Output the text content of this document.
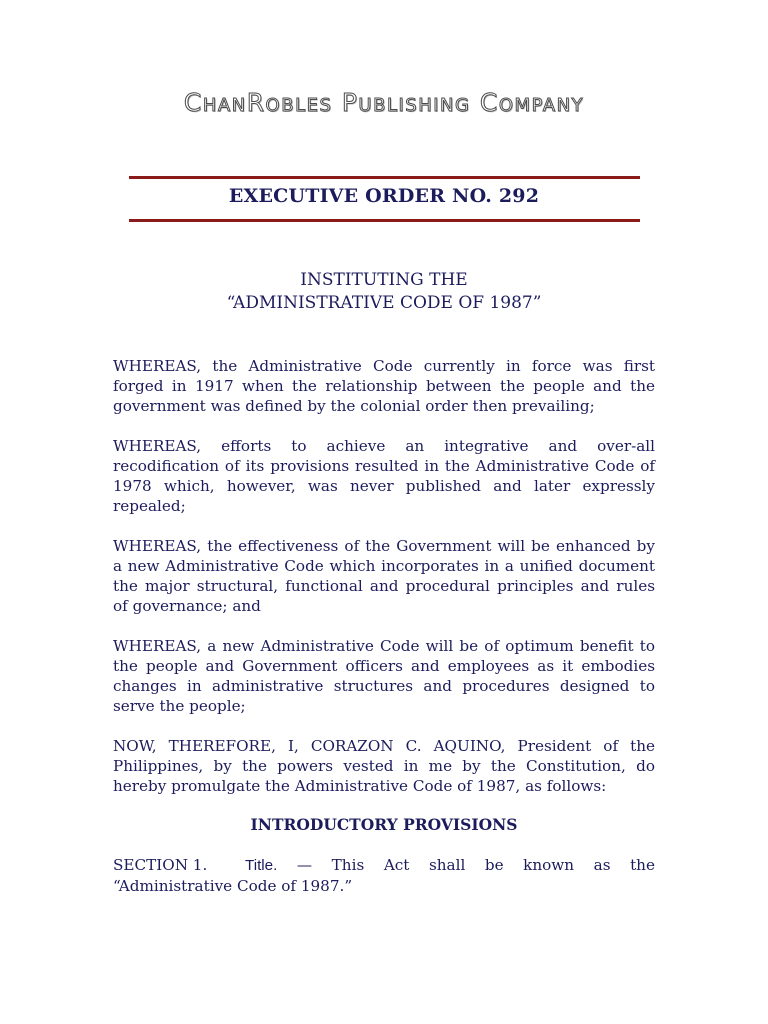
ChanRobles Publishing Company
EXECUTIVE ORDER NO. 292
INSTITUTING THE
“ADMINISTRATIVE CODE OF 1987”
WHEREAS, the Administrative Code currently in force was first forged in 1917 when the relationship between the people and the government was defined by the colonial order then prevailing;
WHEREAS, efforts to achieve an integrative and over-all recodification of its provisions resulted in the Administrative Code of 1978 which, however, was never published and later expressly repealed;
WHEREAS, the effectiveness of the Government will be enhanced by a new Administrative Code which incorporates in a unified document the major structural, functional and procedural principles and rules of governance; and
WHEREAS, a new Administrative Code will be of optimum benefit to the people and Government officers and employees as it embodies changes in administrative structures and procedures designed to serve the people;
NOW, THEREFORE, I, CORAZON C. AQUINO, President of the Philippines, by the powers vested in me by the Constitution, do hereby promulgate the Administrative Code of 1987, as follows:
INTRODUCTORY PROVISIONS
SECTION 1. Title. — This Act shall be known as the
“Administrative Code of 1987.”
